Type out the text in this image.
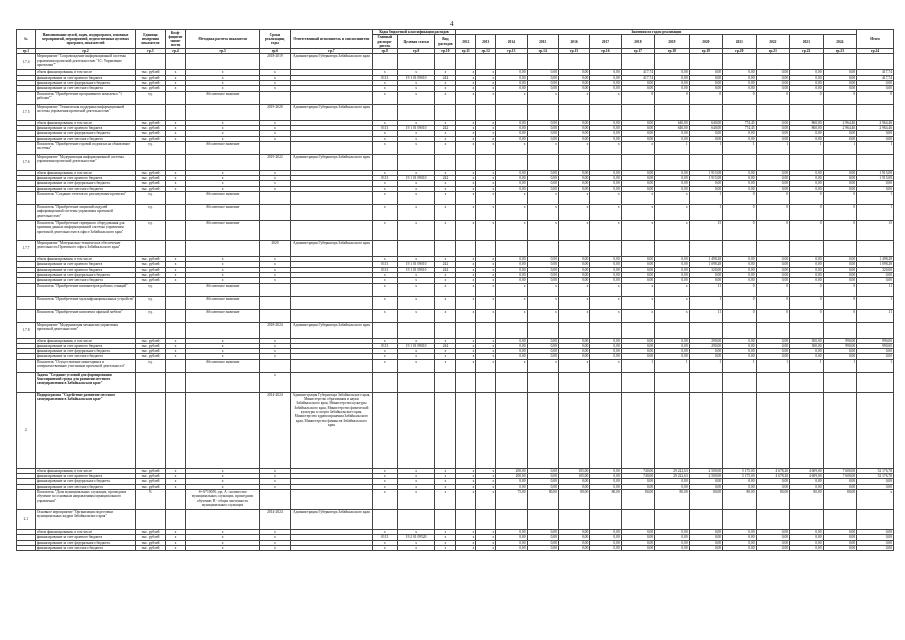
4
№	Наименование целей, задач, подпрограмм, основных мероприятий, мероприятий, ведомственных целевых программ, показателей	Единица измерения показателя	Коэф- фициент значи- мости	Методика расчета показателя	Сроки реализации, годы	Ответственный исполнитель и соисполнители	Коды бюджетной классификации расходов			Значения по годам реализации													Итого
							Главный распоря- дитель	Целевая статья	Вид расходов	2012	2013	2014	2015	2016	2017	2018	2019	2020	2021	2022	2023	2024	
гр.1	гр.2	гр.3	гр.4	гр.5	гр.6	гр.7	гр.8	гр.9	гр.10	гр.11	гр.12	гр.13	гр.14	гр.15	гр.16	гр.17	гр.18	гр.19	гр.20	гр.21	гр.22	гр.23	гр.24
1.7.4	Мероприятие "Сопровождение информационной системы управления проектной деятельностью "1С: Управление проектами""				2018-2019	Администрация Губернатора Забайкальского края																	
	объем финансирования, в том числе	тыс. рублей	x	x	x		x	x	x	x	x	0,00	0,00	0,00	0,00	417,74	0,00	0,00	0,00	0,00	0,00	0,00	417,74
	финансирование за счет краевого бюджета	тыс. рублей	x	x	x		0113	19 1 01 09010	244	x	x	0,00	0,00	0,00	0,00	417,74	0,00	0,00	0,00	0,00	0,00	0,00	417,74
	финансирование за счет федерального бюджета	тыс. рублей	x	x	x		x	x	x	x	x	0,00	0,00	0,00	0,00	0,00	0,00	0,00	0,00	0,00	0,00	0,00	0,00
	финансирование за счет местного бюджета	тыс. рублей	x	x	x		x	x	x	x	x	0,00	0,00	0,00	0,00	0,00	0,00	0,00	0,00	0,00	0,00	0,00	0,00
	Показатель "Приобретение программного комплекса "1 рабочая""	ед.		Абсолютное значение			x	x	x	x	x	x	x	x	x	0	0	0	0	0	0	0	0
1.7.5	Мероприятие "Техническая поддержка информационной системы управления проектной деятельностью"				2019-2020	Администрация Губернатора Забайкальского края																	
	объем финансирования, в том числе	тыс. рублей	x	x	x		x	x	x	x	x	0,00	0,00	0,00	0,00	0,00	640,00	640,00	774,45	0,00	860,00	2 964,46	2 964,46
	финансирование за счет краевого бюджета	тыс. рублей	x	x	x		0113	19 1 01 09010	242	x	x	0,00	0,00	0,00	0,00	0,00	640,00	640,00	774,45	0,00	860,00	2 964,46	2 964,46
	финансирование за счет федерального бюджета	тыс. рублей	x	x	x		x	x	x	x	x	0,00	0,00	0,00	0,00	0,00	0,00	0,00	0,00	0,00	0,00	0,00	0,00
	финансирование за счет местного бюджета	тыс. рублей	x	x	x		x	x	x	x	x	0,00	0,00	0,00	0,00	0,00	0,00	0,00	0,00	0,00	0,00	0,00	0,00
	Показатель "Приобретение годовой подписки на обновление системы"	ед.		Абсолютное значение			x	x	x	x	x	x	x	x	x	x	1	1	1	1	1	1	1
1.7.6	Мероприятие "Модернизация информационной системы управления проектной деятельностью"				2019-2022	Администрация Губернатора Забайкальского края																	
	объем финансирования, в том числе	тыс. рублей	x	x	x		x	x	x	x	x	0,00	0,00	0,00	0,00	0,00	0,00	1 915,08	0,00	0,00	0,00	0,00	1 915,08
	финансирование за счет краевого бюджета	тыс. рублей	x	x	x		0113	19 1 01 09010	242	x	x	0,00	0,00	0,00	0,00	0,00	0,00	1 915,08	0,00	0,00	0,00	0,00	1 915,08
	финансирование за счет федерального бюджета	тыс. рублей	x	x	x		x	x	x	x	x	0,00	0,00	0,00	0,00	0,00	0,00	0,00	0,00	0,00	0,00	0,00	0,00
	финансирование за счет местного бюджета	тыс. рублей	x	x	x		x	x	x	x	x	0,00	0,00	0,00	0,00	0,00	0,00	0,00	0,00	0,00	0,00	0,00	0,00
	Показатель "Создание отчетов по реализуемым проектам"	ед.		Абсолютное значение			x	x	x	x	x	x	x	x	x	x	x	1	0	0	0	0	1
	Показатель "Приобретение лицензий модулей информационной системы управления проектной деятельностью"	ед.		Абсолютное значение			x	x	x	x	x	x	x	x	x	x	x	1	0	0	0	0	1
	Показатель "Приобретение серверного оборудования для хранения данных информационной системы управления проектной деятельностью в офисе Забайкальского края"	ед.		Абсолютное значение			x	x	x	x	x	x	x	x	x	x	x	15	0	0	0	0	15
1.7.7	Мероприятие "Материально-техническое обеспечение деятельности Проектного офиса Забайкальского края"				2020	Администрация Губернатора Забайкальского края																	
	объем финансирования, в том числе	тыс. рублей	x	x	x		x	x	x	x	x	0,00	0,00	0,00	0,00	0,00	0,00	1 498,28	0,00	0,00	0,00	0,00	1 498,28
	финансирование за счет краевого бюджета	тыс. рублей	x	x	x		0113	19 1 01 09010	242	x	x	0,00	0,00	0,00	0,00	0,00	0,00	1 098,28	0,00	0,00	0,00	0,00	1 098,28
	финансирование за счет краевого бюджета	тыс. рублей	x	x	x		0113	19 1 01 09010	244	x	x	0,00	0,00	0,00	0,00	0,00	0,00	320,00	0,00	0,00	0,00	0,00	320,00
	финансирование за счет федерального бюджета	тыс. рублей	x	x	x		x	x	x	x	x	0,00	0,00	0,00	0,00	0,00	0,00	0,00	0,00	0,00	0,00	0,00	0,00
	финансирование за счет местного бюджета	тыс. рублей	x	x	x		x	x	x	x	x	0,00	0,00	0,00	0,00	0,00	0,00	0,00	0,00	0,00	0,00	0,00	0,00
	Показатель "Приобретение компьютеров рабочих станций"	ед.		Абсолютное значение			x	x	x	x	x	x	x	x	x	x	x	11	0	0	0	0	11
	Показатель "Приобретение мультифункциональных устройств"	ед.		Абсолютное значение			x	x	x	x	x	x	x	x	x	x	x	1	0	0	0	0	1
	Показатель "Приобретение комплекта офисной мебели"	ед.		Абсолютное значение			x	x	x	x	x	x	x	x	x	x	x	11	0	0	0	0	11
1.7.8	Мероприятие "Модернизация механизма управления проектной деятельностью"				2018-2024	Администрация Губернатора Забайкальского края																	
	объем финансирования, в том числе	тыс. рублей	x	x	x		x	x	x	x	x	0,00	0,00	0,00	0,00	0,00	0,00	290,00	0,00	0,00	300,00	990,00	990,00
	финансирование за счет краевого бюджета	тыс. рублей	x	x	x		0113	19 1 01 09010	244	x	x	0,00	0,00	0,00	0,00	0,00	0,00	290,00	0,00	0,00	300,00	990,00	990,00
	финансирование за счет федерального бюджета	тыс. рублей	x	x	x		x	x	x	x	x	0,00	0,00	0,00	0,00	0,00	0,00	0,00	0,00	0,00	0,00	0,00	0,00
	финансирование за счет местного бюджета	тыс. рублей	x	x	x		x	x	x	x	x	0,00	0,00	0,00	0,00	0,00	0,00	0,00	0,00	0,00	0,00	0,00	0,00
	Показатель "Осуществление мониторинга и совершенствование участников проектной деятельности"	ед.		Абсолютное значение			x	x	x	x	x	x	x	x	x	1	1	1	1	1	1	1	1
	Задача "Создание условий для формирования благоприятной среды для развития местного самоуправления в Забайкальском крае"				x																		
2	Подпрограмма "Содействие развитию местного самоуправления в Забайкальском крае"				2014-2024	Администрация Губернатора Забайкальского края, Министерство образования и науки Забайкальского края, Министерство культуры Забайкальского края, Министерство физической культуры и спорта Забайкальского края, Министерство здравоохранения Забайкальского края, Министерство финансов Забайкальского края																	
	объем финансирования, в том числе	тыс. рублей	x	x	x		x	x	x	x	x	200,00	0,00	105,00	0,00	740,00	29 222,63	2 500,00	5 175,00	4 678,20	4 609,00	7 600,00	52 176,78
	финансирование за счет краевого бюджета	тыс. рублей	x	x	x		x	x	x	x	x	200,00	0,00	105,00	0,00	740,00	29 222,63	2 500,00	5 175,00	4 678,20	4 609,00	7 600,00	52 176,78
	финансирование за счет федерального бюджета	тыс. рублей	x	x	x		x	x	x	x	x	0,00	0,00	0,00	0,00	0,00	0,00	0,00	0,00	0,00	0,00	0,00	0,00
	финансирование за счет местного бюджета	тыс. рублей	x	x	x		x	x	x	x	x	0,00	0,00	0,00	0,00	0,00	0,00	0,00	0,00	0,00	0,00	0,00	0,00
	Показатель "Доля муниципальных служащих, прошедших обучение по основным направлениям муниципального управления"	%		S=A*100/B, где, A - количество муниципальных служащих, прошедших обучение; B - общая численность муниципальных служащих			x	x	x	x	x	75,00	80,00	80,00	80,00	80,00	80,00	80,00	80,00	80,00	80,00	80,00	x
2.1	Основное мероприятие "Организация подготовки муниципальных кадров Забайкальского края"				2014-2024	Администрация Губернатора Забайкальского края																	
	объем финансирования, в том числе	тыс. рублей	x	x	x		x	x	x	x	x	0,00	0,00	0,00	0,00	0,00	0,00	0,00	0,00	0,00	0,00	0,00	0,00
	финансирование за счет краевого бюджета	тыс. рублей	x	x	x		0113	19 2 01 09520	x	x	x	0,00	0,00	0,00	0,00	0,00	0,00	0,00	0,00	0,00	0,00	0,00	0,00
	финансирование за счет федерального бюджета	тыс. рублей	x	x	x		x	x	x	x	x	0,00	0,00	0,00	0,00	0,00	0,00	0,00	0,00	0,00	0,00	0,00	0,00
	финансирование за счет местного бюджета	тыс. рублей	x	x	x		x	x	x	x	x	0,00	0,00	0,00	0,00	0,00	0,00	0,00	0,00	0,00	0,00	0,00	0,00
